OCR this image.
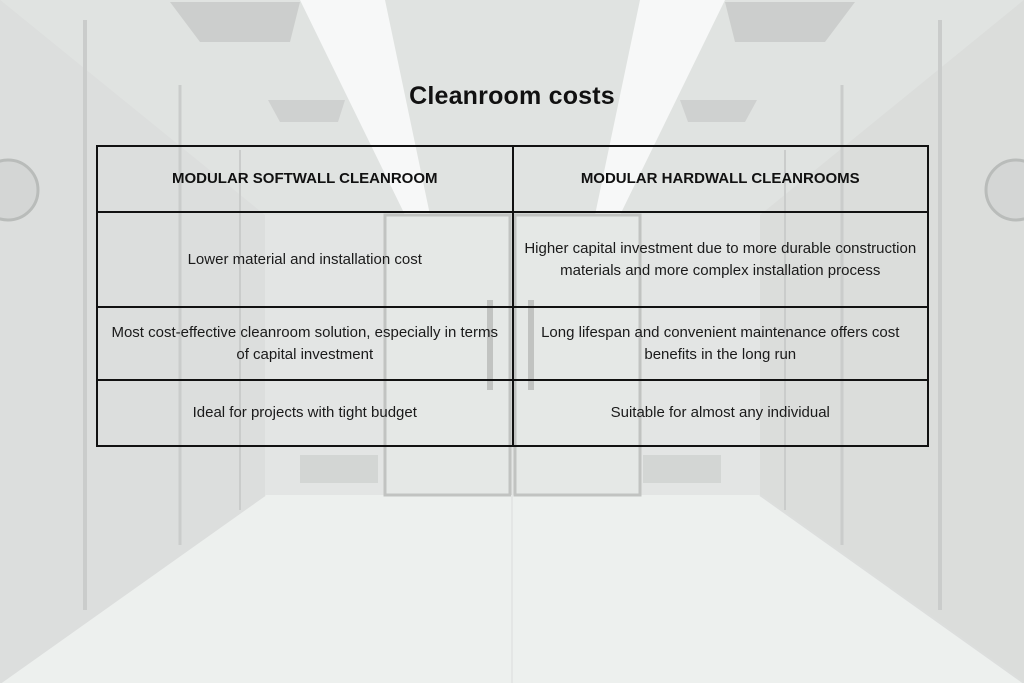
Cleanroom costs
MODULAR SOFTWALL CLEANROOM	MODULAR HARDWALL CLEANROOMS
Lower material and installation cost	Higher capital investment due to more durable construction materials and more complex installation process
Most cost-effective cleanroom solution, especially in terms of capital investment	Long lifespan and convenient maintenance offers cost benefits in the long run
Ideal for projects with tight budget	Suitable for almost any individual
